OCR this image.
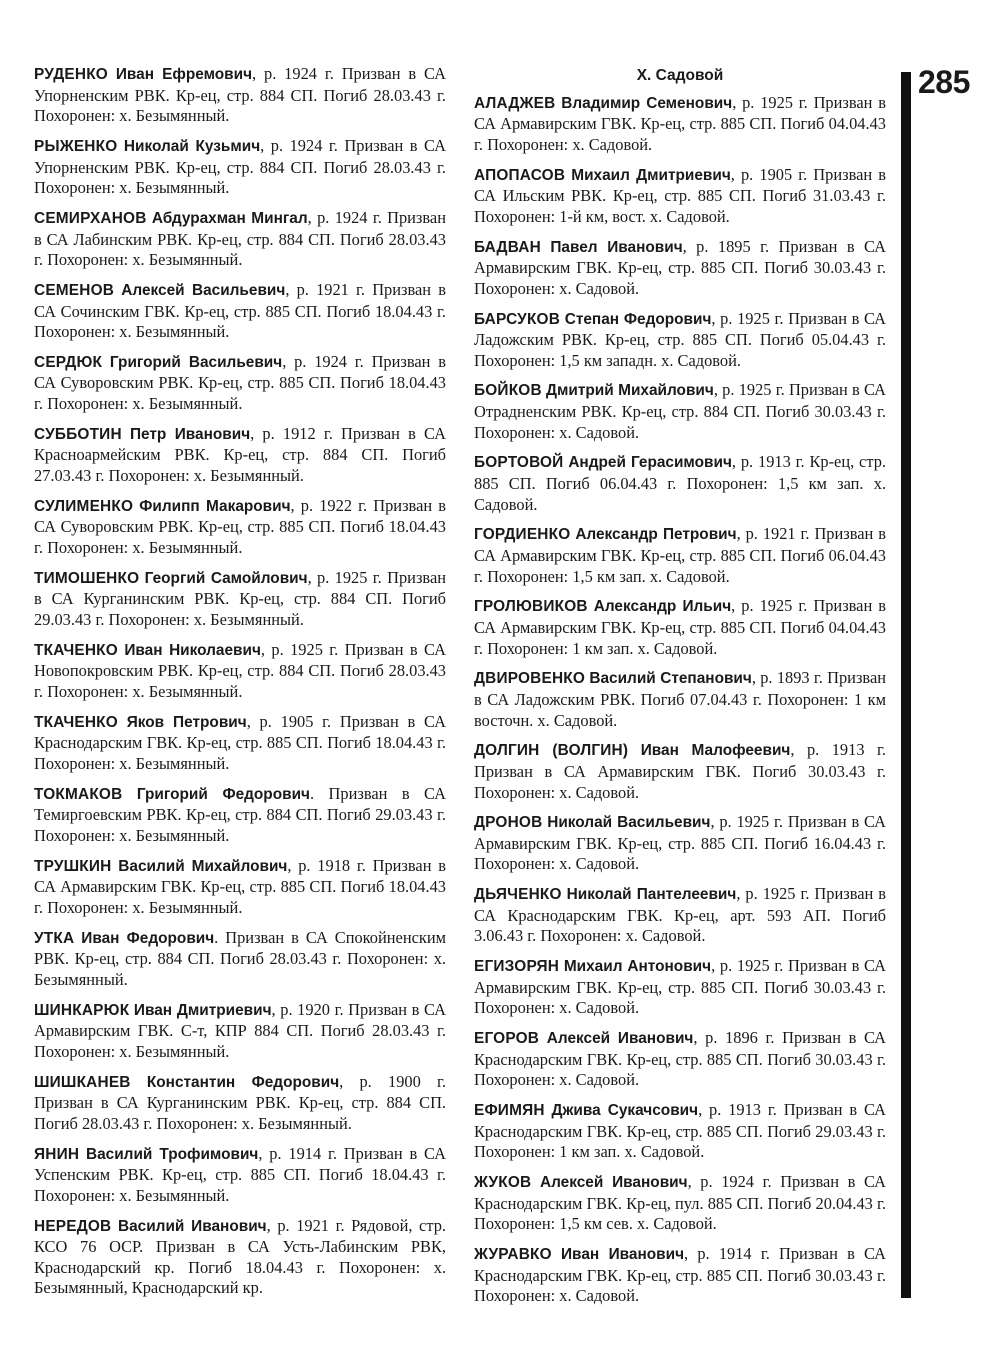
РУДЕНКО Иван Ефремович, р. 1924 г. Призван в СА Упорненским РВК. Кр-ец, стр. 884 СП. Погиб 28.03.43 г. Похоронен: х. Безымянный.
РЫЖЕНКО Николай Кузьмич, р. 1924 г. Призван в СА Упорненским РВК. Кр-ец, стр. 884 СП. Погиб 28.03.43 г. Похоронен: х. Безымянный.
СЕМИРХАНОВ Абдурахман Мингал, р. 1924 г. Призван в СА Лабинским РВК. Кр-ец, стр. 884 СП. Погиб 28.03.43 г. Похоронен: х. Безымянный.
СЕМЕНОВ Алексей Васильевич, р. 1921 г. Призван в СА Сочинским ГВК. Кр-ец, стр. 885 СП. Погиб 18.04.43 г. Похоронен: х. Безымянный.
СЕРДЮК Григорий Васильевич, р. 1924 г. Призван в СА Суворовским РВК. Кр-ец, стр. 885 СП. Погиб 18.04.43 г. Похоронен: х. Безымянный.
СУББОТИН Петр Иванович, р. 1912 г. Призван в СА Красноармейским РВК. Кр-ец, стр. 884 СП. Погиб 27.03.43 г. Похоронен: х. Безымянный.
СУЛИМЕНКО Филипп Макарович, р. 1922 г. Призван в СА Суворовским РВК. Кр-ец, стр. 885 СП. Погиб 18.04.43 г. Похоронен: х. Безымянный.
ТИМОШЕНКО Георгий Самойлович, р. 1925 г. Призван в СА Курганинским РВК. Кр-ец, стр. 884 СП. Погиб 29.03.43 г. Похоронен: х. Безымянный.
ТКАЧЕНКО Иван Николаевич, р. 1925 г. Призван в СА Новопокровским РВК. Кр-ец, стр. 884 СП. Погиб 28.03.43 г. Похоронен: х. Безымянный.
ТКАЧЕНКО Яков Петрович, р. 1905 г. Призван в СА Краснодарским ГВК. Кр-ец, стр. 885 СП. Погиб 18.04.43 г. Похоронен: х. Безымянный.
ТОКМАКОВ Григорий Федорович. Призван в СА Темиргоевским РВК. Кр-ец, стр. 884 СП. Погиб 29.03.43 г. Похоронен: х. Безымянный.
ТРУШКИН Василий Михайлович, р. 1918 г. Призван в СА Армавирским ГВК. Кр-ец, стр. 885 СП. Погиб 18.04.43 г. Похоронен: х. Безымянный.
УТКА Иван Федорович. Призван в СА Спокойненским РВК. Кр-ец, стр. 884 СП. Погиб 28.03.43 г. Похоронен: х. Безымянный.
ШИНКАРЮК Иван Дмитриевич, р. 1920 г. Призван в СА Армавирским ГВК. С-т, КПР 884 СП. Погиб 28.03.43 г. Похоронен: х. Безымянный.
ШИШКАНЕВ Константин Федорович, р. 1900 г. Призван в СА Курганинским РВК. Кр-ец, стр. 884 СП. Погиб 28.03.43 г. Похоронен: х. Безымянный.
ЯНИН Василий Трофимович, р. 1914 г. Призван в СА Успенским РВК. Кр-ец, стр. 885 СП. Погиб 18.04.43 г. Похоронен: х. Безымянный.
НЕРЕДОВ Василий Иванович, р. 1921 г. Рядовой, стр. КСО 76 ОСР. Призван в СА Усть-Лабинским РВК, Краснодарский кр. Погиб 18.04.43 г. Похоронен: х. Безымянный, Краснодарский кр.
Х. Садовой
АЛАДЖЕВ Владимир Семенович, р. 1925 г. Призван в СА Армавирским ГВК. Кр-ец, стр. 885 СП. Погиб 04.04.43 г. Похоронен: х. Садовой.
АПОПАСОВ Михаил Дмитриевич, р. 1905 г. Призван в СА Ильским РВК. Кр-ец, стр. 885 СП. Погиб 31.03.43 г. Похоронен: 1-й км, вост. х. Садовой.
БАДВАН Павел Иванович, р. 1895 г. Призван в СА Армавирским ГВК. Кр-ец, стр. 885 СП. Погиб 30.03.43 г. Похоронен: х. Садовой.
БАРСУКОВ Степан Федорович, р. 1925 г. Призван в СА Ладожским РВК. Кр-ец, стр. 885 СП. Погиб 05.04.43 г. Похоронен: 1,5 км западн. х. Садовой.
БОЙКОВ Дмитрий Михайлович, р. 1925 г. Призван в СА Отрадненским РВК. Кр-ец, стр. 884 СП. Погиб 30.03.43 г. Похоронен: х. Садовой.
БОРТОВОЙ Андрей Герасимович, р. 1913 г. Кр-ец, стр. 885 СП. Погиб 06.04.43 г. Похоронен: 1,5 км зап. х. Садовой.
ГОРДИЕНКО Александр Петрович, р. 1921 г. Призван в СА Армавирским ГВК. Кр-ец, стр. 885 СП. Погиб 06.04.43 г. Похоронен: 1,5 км зап. х. Садовой.
ГРОЛЮВИКОВ Александр Ильич, р. 1925 г. Призван в СА Армавирским ГВК. Кр-ец, стр. 885 СП. Погиб 04.04.43 г. Похоронен: 1 км зап. х. Садовой.
ДВИРОВЕНКО Василий Степанович, р. 1893 г. Призван в СА Ладожским РВК. Погиб 07.04.43 г. Похоронен: 1 км восточн. х. Садовой.
ДОЛГИН (ВОЛГИН) Иван Малофеевич, р. 1913 г. Призван в СА Армавирским ГВК. Погиб 30.03.43 г. Похоронен: х. Садовой.
ДРОНОВ Николай Васильевич, р. 1925 г. Призван в СА Армавирским ГВК. Кр-ец, стр. 885 СП. Погиб 16.04.43 г. Похоронен: х. Садовой.
ДЬЯЧЕНКО Николай Пантелеевич, р. 1925 г. Призван в СА Краснодарским ГВК. Кр-ец, арт. 593 АП. Погиб 3.06.43 г. Похоронен: х. Садовой.
ЕГИЗОРЯН Михаил Антонович, р. 1925 г. Призван в СА Армавирским ГВК. Кр-ец, стр. 885 СП. Погиб 30.03.43 г. Похоронен: х. Садовой.
ЕГОРОВ Алексей Иванович, р. 1896 г. Призван в СА Краснодарским ГВК. Кр-ец, стр. 885 СП. Погиб 30.03.43 г. Похоронен: х. Садовой.
ЕФИМЯН Джива Сукачсович, р. 1913 г. Призван в СА Краснодарским ГВК. Кр-ец, стр. 885 СП. Погиб 29.03.43 г. Похоронен: 1 км зап. х. Садовой.
ЖУКОВ Алексей Иванович, р. 1924 г. Призван в СА Краснодарским ГВК. Кр-ец, пул. 885 СП. Погиб 20.04.43 г. Похоронен: 1,5 км сев. х. Садовой.
ЖУРАВКО Иван Иванович, р. 1914 г. Призван в СА Краснодарским ГВК. Кр-ец, стр. 885 СП. Погиб 30.03.43 г. Похоронен: х. Садовой.
285
